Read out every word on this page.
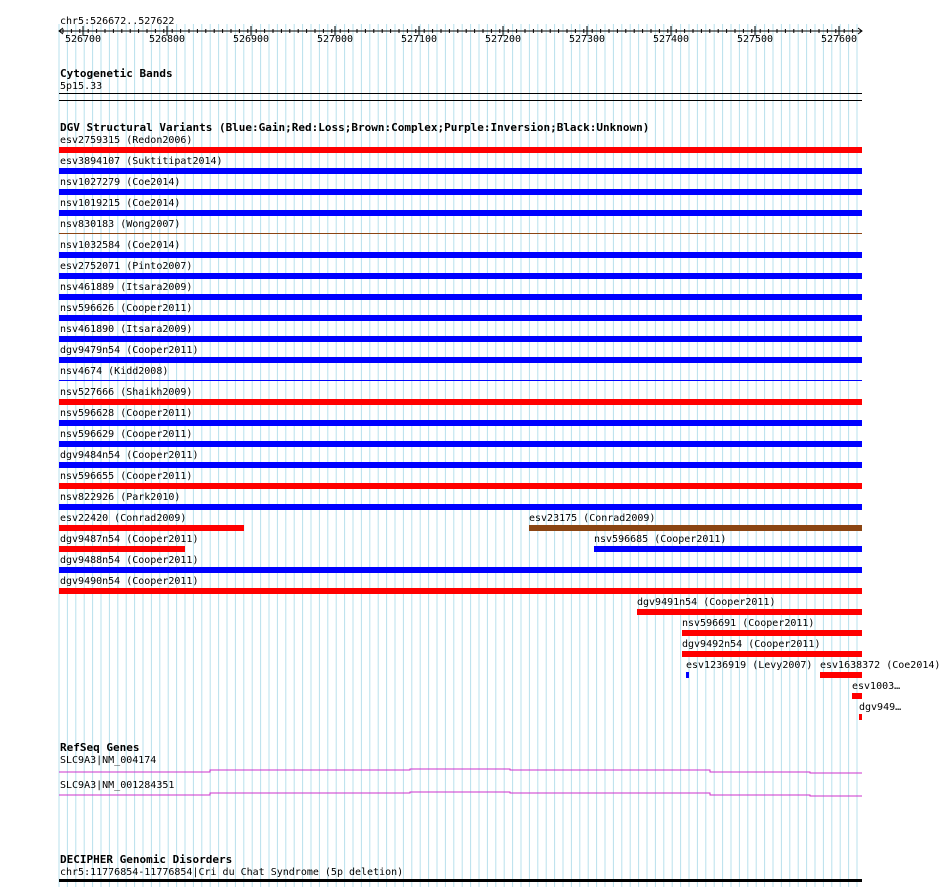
chr5:526672..527622
526700	526800	526900	527000	527100	527200	527300	527400	527500	527600
Cytogenetic Bands
5p15.33
DGV Structural Variants (Blue:Gain;Red:Loss;Brown:Complex;Purple:Inversion;Black:Unknown)
esv2759315 (Redon2006)
esv3894107 (Suktitipat2014)
nsv1027279 (Coe2014)
nsv1019215 (Coe2014)
nsv830183 (Wong2007)
nsv1032584 (Coe2014)
esv2752071 (Pinto2007)
nsv461889 (Itsara2009)
nsv596626 (Cooper2011)
nsv461890 (Itsara2009)
dgv9479n54 (Cooper2011)
nsv4674 (Kidd2008)
nsv527666 (Shaikh2009)
nsv596628 (Cooper2011)
nsv596629 (Cooper2011)
dgv9484n54 (Cooper2011)
nsv596655 (Cooper2011)
nsv822926 (Park2010)
esv22420 (Conrad2009)	esv23175 (Conrad2009)
dgv9487n54 (Cooper2011)	nsv596685 (Cooper2011)
dgv9488n54 (Cooper2011)
dgv9490n54 (Cooper2011)
dgv9491n54 (Cooper2011)
nsv596691 (Cooper2011)
dgv9492n54 (Cooper2011)
esv1236919 (Levy2007) esv1638372 (Coe2014)
esv1003…
dgv949…
RefSeq Genes
SLC9A3|NM_004174
SLC9A3|NM_001284351
DECIPHER Genomic Disorders
chr5:11776854-11776854|Cri du Chat Syndrome (5p deletion)
